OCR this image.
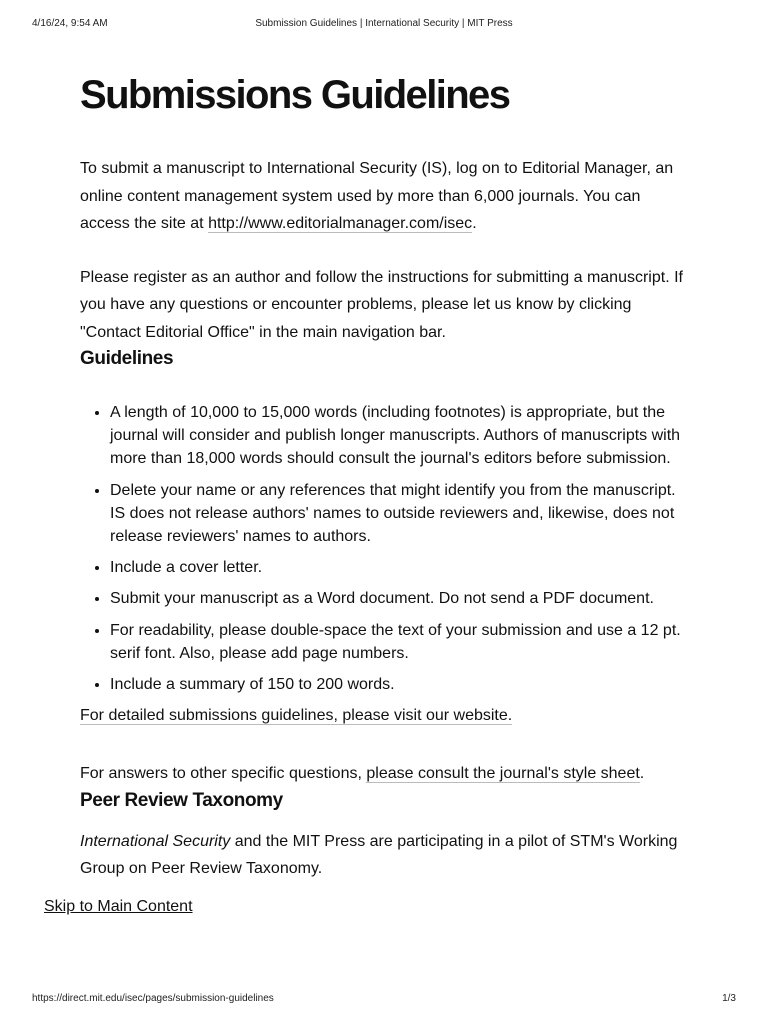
4/16/24, 9:54 AM	Submission Guidelines | International Security | MIT Press
Submissions Guidelines

To submit a manuscript to International Security (IS), log on to Editorial Manager, an online content management system used by more than 6,000 journals. You can access the site at http://www.editorialmanager.com/isec.

Please register as an author and follow the instructions for submitting a manuscript. If you have any questions or encounter problems, please let us know by clicking "Contact Editorial Office" in the main navigation bar.

Guidelines
• A length of 10,000 to 15,000 words (including footnotes) is appropriate, but the journal will consider and publish longer manuscripts. Authors of manuscripts with more than 18,000 words should consult the journal's editors before submission.
• Delete your name or any references that might identify you from the manuscript. IS does not release authors' names to outside reviewers and, likewise, does not release reviewers' names to authors.
• Include a cover letter.
• Submit your manuscript as a Word document. Do not send a PDF document.
• For readability, please double-space the text of your submission and use a 12 pt. serif font. Also, please add page numbers.
• Include a summary of 150 to 200 words.
For detailed submissions guidelines, please visit our website.

For answers to other specific questions, please consult the journal's style sheet.

Peer Review Taxonomy

International Security and the MIT Press are participating in a pilot of STM's Working Group on Peer Review Taxonomy.

Skip to Main Content
https://direct.mit.edu/isec/pages/submission-guidelines	1/3
